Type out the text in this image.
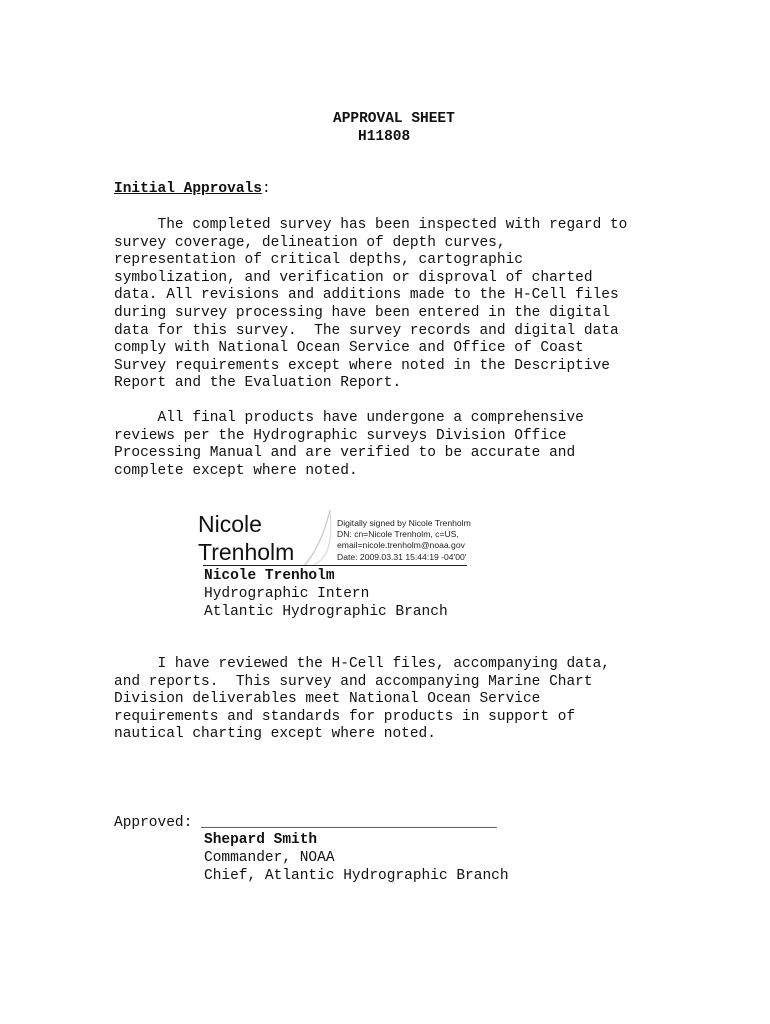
APPROVAL SHEET
H11808
Initial Approvals:
The completed survey has been inspected with regard to
survey coverage, delineation of depth curves,
representation of critical depths, cartographic
symbolization, and verification or disproval of charted
data. All revisions and additions made to the H-Cell files
during survey processing have been entered in the digital
data for this survey.  The survey records and digital data
comply with National Ocean Service and Office of Coast
Survey requirements except where noted in the Descriptive
Report and the Evaluation Report.
All final products have undergone a comprehensive
reviews per the Hydrographic surveys Division Office
Processing Manual and are verified to be accurate and
complete except where noted.
Nicole
Trenholm
Digitally signed by Nicole Trenholm
DN: cn=Nicole Trenholm, c=US,
email=nicole.trenholm@noaa.gov
Date: 2009.03.31 15:44:19 -04'00'
Nicole Trenholm
Hydrographic Intern
Atlantic Hydrographic Branch
I have reviewed the H-Cell files, accompanying data,
and reports.  This survey and accompanying Marine Chart
Division deliverables meet National Ocean Service
requirements and standards for products in support of
nautical charting except where noted.
Approved: __________________________________
Shepard Smith
Commander, NOAA
Chief, Atlantic Hydrographic Branch
